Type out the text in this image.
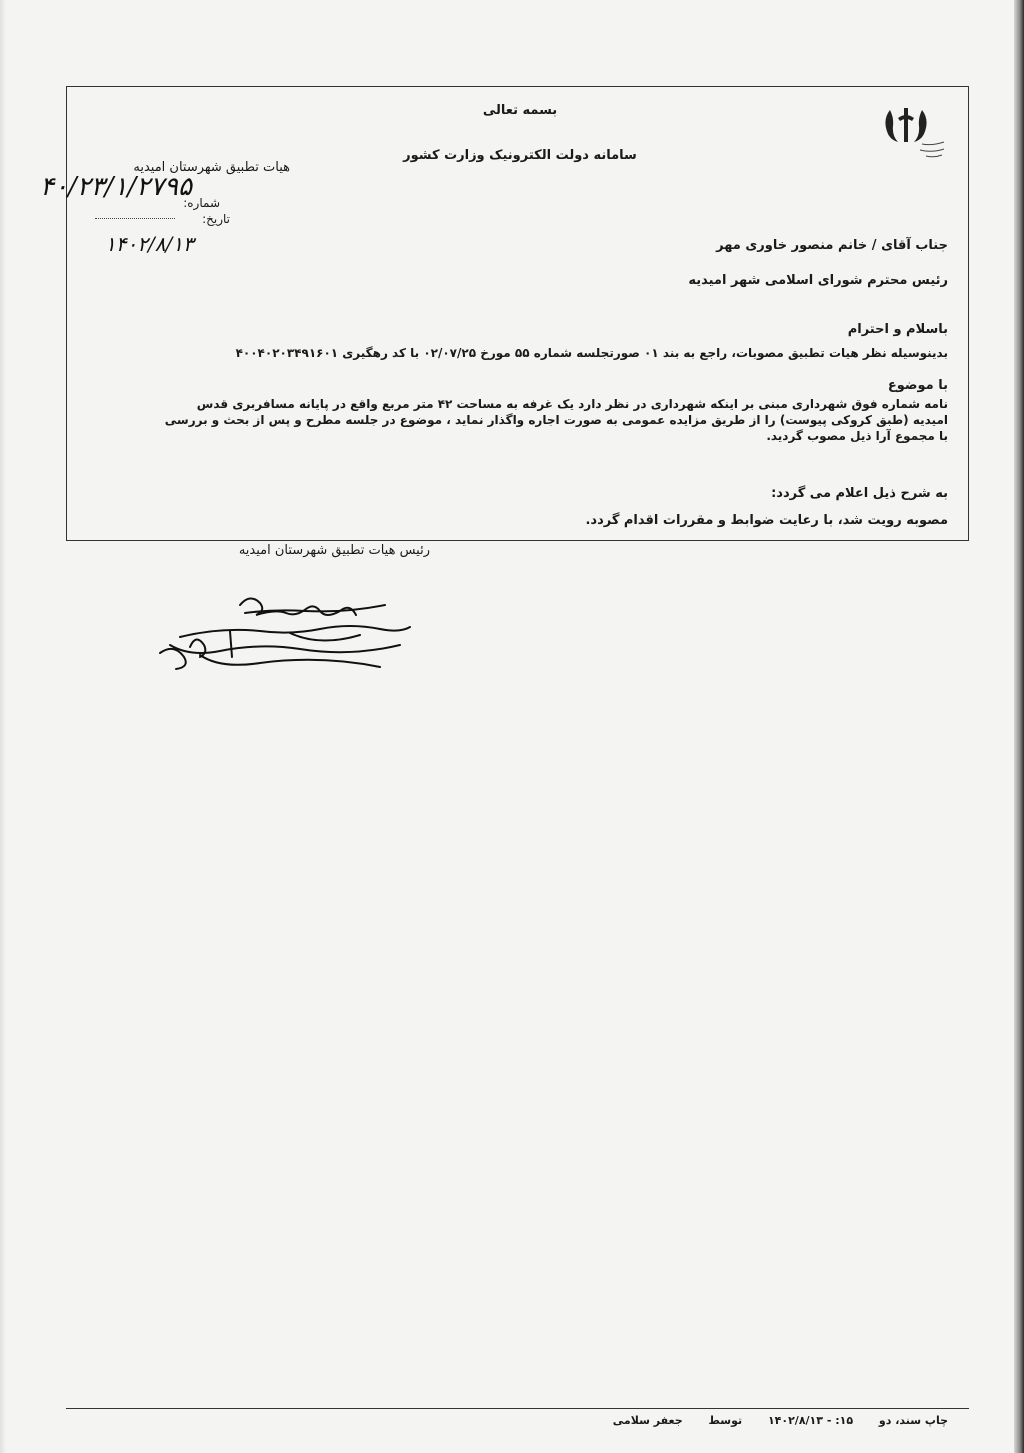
بسمه تعالی
سامانه دولت الکترونیک وزارت کشور
هیات تطبیق شهرستان امیدیه
شماره:
تاریخ:
۴۰/۲۳/۱/۲۷۹۵
۱۴۰۲/۸/۱۳	جناب آقای / خانم منصور خاوری مهر
رئیس محترم شورای اسلامی شهر امیدیه
باسلام و احترام
بدینوسیله نظر هیات تطبیق مصوبات، راجع به بند ۰۱ صورتجلسه شماره ۵۵ مورخ ۰۲/۰۷/۲۵ با کد رهگیری ۴۰۰۴۰۲۰۳۴۹۱۶۰۱
با موضوع
نامه شماره فوق شهرداری مبنی بر اینکه شهرداری در نظر دارد یک غرفه به مساحت ۴۲ متر مربع واقع در پایانه مسافربری قدس امیدیه (طبق کروکی پیوست) را از طریق مزایده عمومی به صورت اجاره واگذار نماید ، موضوع در جلسه مطرح و پس از بحث و بررسی با مجموع آرا ذیل مصوب گردید.
به شرح ذیل اعلام می گردد:
مصوبه رویت شد، با رعایت ضوابط و مقررات اقدام گردد.
رئیس هیات تطبیق شهرستان امیدیه
چاپ سند، دو ۱۵: - ۱۴۰۲/۸/۱۳ توسط جعفر سلامی
